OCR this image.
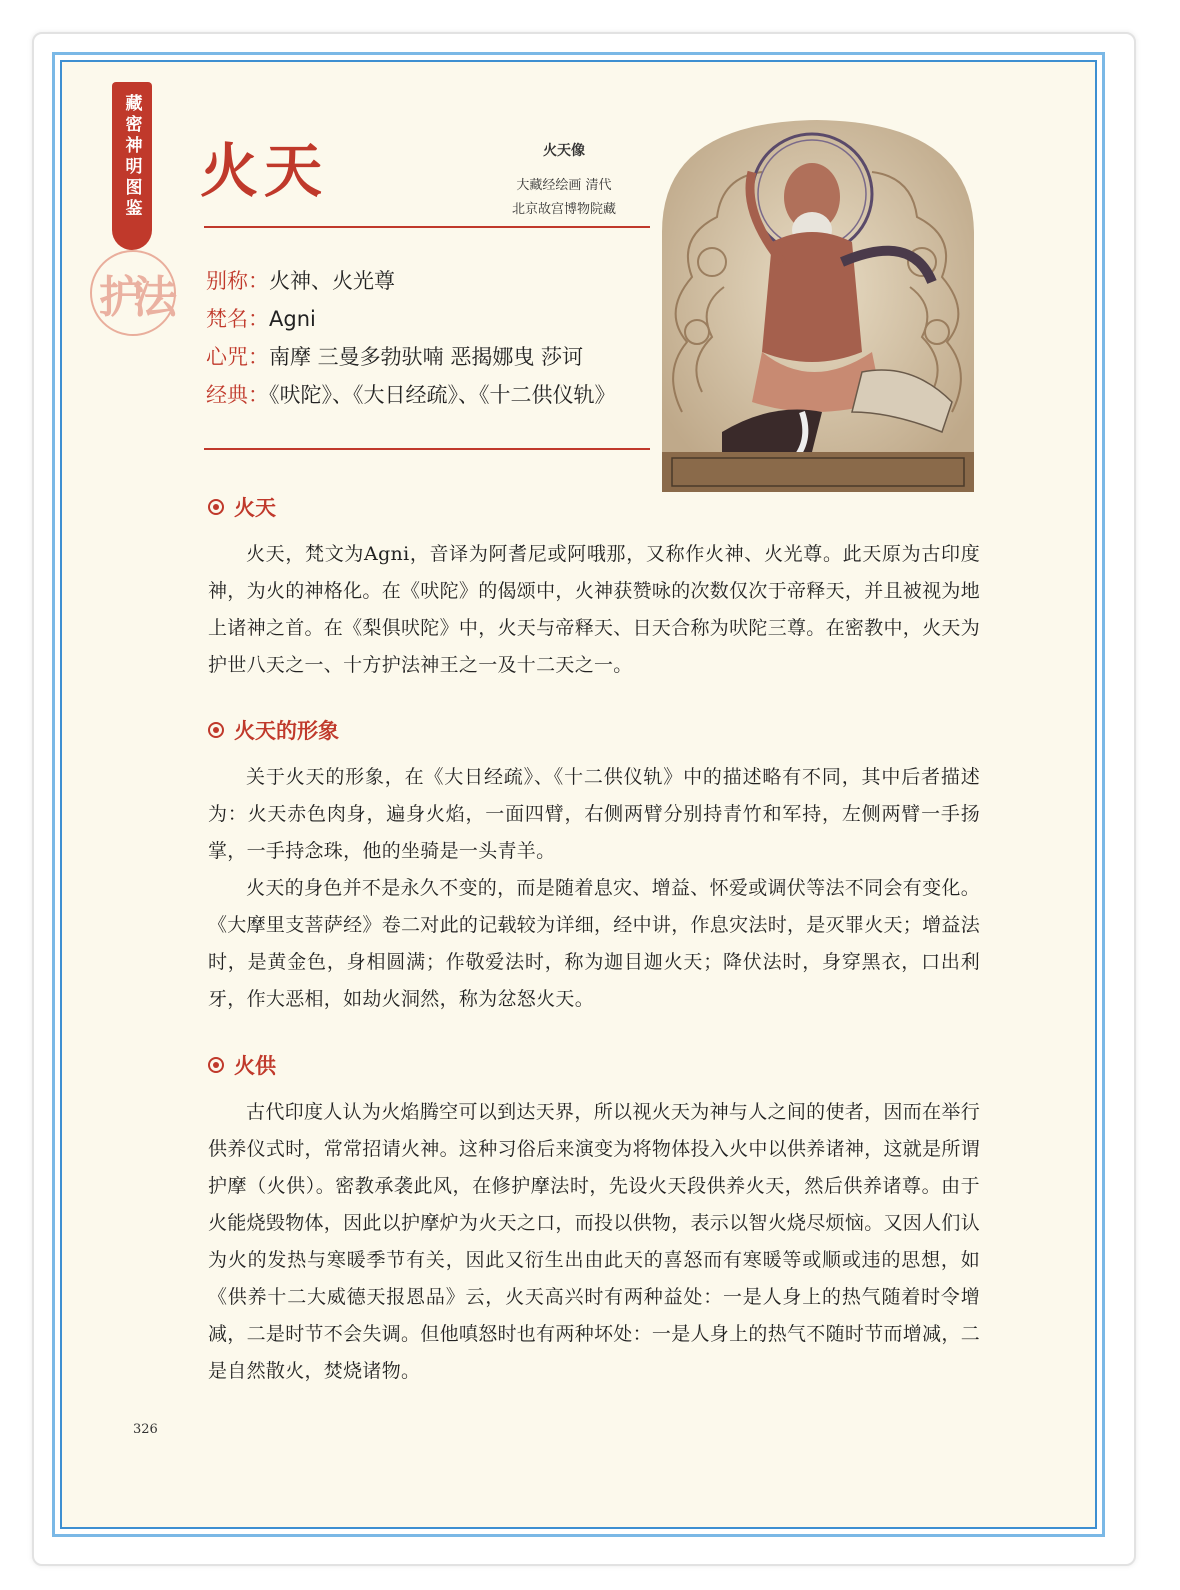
藏密神明图鉴
护法
火天	火天像
大藏经绘画 清代
北京故宫博物院藏
别称：火神、火光尊
梵名：Agni
心咒：南摩 三曼多勃驮喃 恶揭娜曳 莎诃
经典：《吠陀》、《大日经疏》、《十二供仪轨》
火天
火天，梵文为Agni，音译为阿耆尼或阿哦那，又称作火神、火光尊。此天原为古印度神，为火的神格化。在《吠陀》的偈颂中，火神获赞咏的次数仅次于帝释天，并且被视为地上诸神之首。在《梨俱吠陀》中，火天与帝释天、日天合称为吠陀三尊。在密教中，火天为护世八天之一、十方护法神王之一及十二天之一。
火天的形象
关于火天的形象，在《大日经疏》、《十二供仪轨》中的描述略有不同，其中后者描述为：火天赤色肉身，遍身火焰，一面四臂，右侧两臂分别持青竹和军持，左侧两臂一手扬掌，一手持念珠，他的坐骑是一头青羊。
火天的身色并不是永久不变的，而是随着息灾、增益、怀爱或调伏等法不同会有变化。《大摩里支菩萨经》卷二对此的记载较为详细，经中讲，作息灾法时，是灭罪火天；增益法时，是黄金色，身相圆满；作敬爱法时，称为迦目迦火天；降伏法时，身穿黑衣，口出利牙，作大恶相，如劫火洞然，称为忿怒火天。
火供
古代印度人认为火焰腾空可以到达天界，所以视火天为神与人之间的使者，因而在举行供养仪式时，常常招请火神。这种习俗后来演变为将物体投入火中以供养诸神，这就是所谓护摩（火供）。密教承袭此风，在修护摩法时，先设火天段供养火天，然后供养诸尊。由于火能烧毁物体，因此以护摩炉为火天之口，而投以供物，表示以智火烧尽烦恼。又因人们认为火的发热与寒暖季节有关，因此又衍生出由此天的喜怒而有寒暖等或顺或违的思想，如《供养十二大威德天报恩品》云，火天高兴时有两种益处：一是人身上的热气随着时令增减，二是时节不会失调。但他嗔怒时也有两种坏处：一是人身上的热气不随时节而增减，二是自然散火，焚烧诸物。
326
